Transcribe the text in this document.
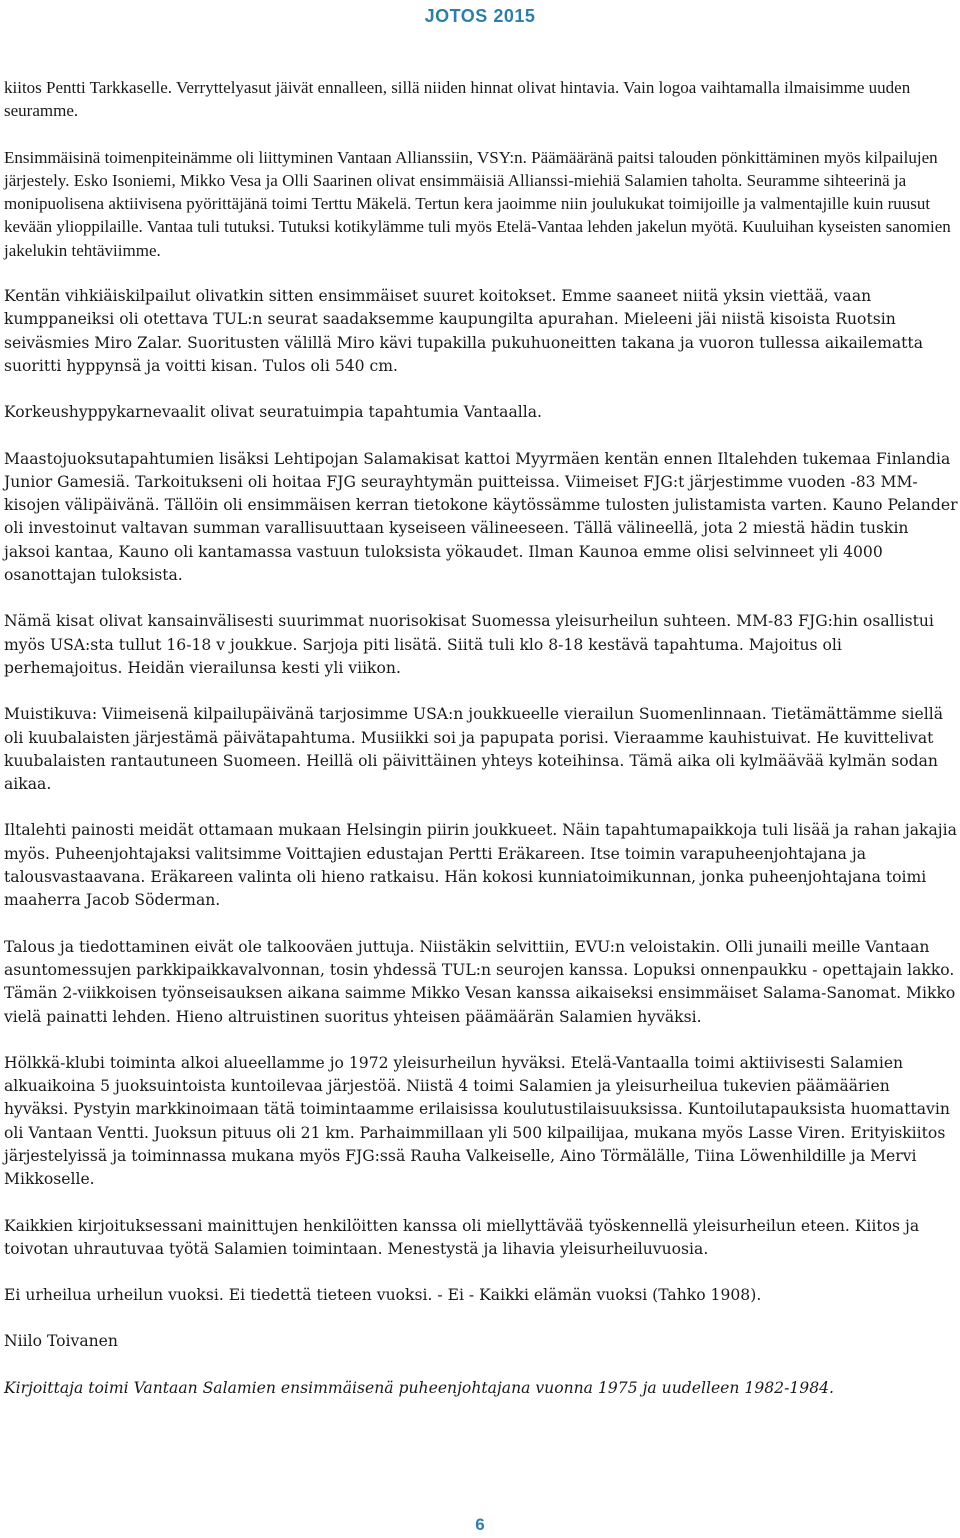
JOTOS 2015

kiitos Pentti Tarkkaselle. Verryttelyasut jäivät ennalleen, sillä niiden hinnat olivat hintavia. Vain logoa vaihtamalla ilmaisimme uuden seuramme.

Ensimmäisinä toimenpiteinämme oli liittyminen Vantaan Allianssiin, VSY:n. Päämääränä paitsi talouden pönkittäminen myös kilpailujen järjestely. Esko Isoniemi, Mikko Vesa ja Olli Saarinen olivat ensimmäisiä Allianssi-miehiä Salamien taholta. Seuramme sihteerinä ja monipuolisena aktiivisena pyörittäjänä toimi Terttu Mäkelä. Tertun kera jaoimme niin joulukukat toimijoille ja valmentajille kuin ruusut kevään ylioppilaille. Vantaa tuli tutuksi. Tutuksi kotikylämme tuli myös Etelä-Vantaa lehden jakelun myötä. Kuuluihan kyseisten sanomien jakelukin tehtäviimme.

Kentän vihkiäiskilpailut olivatkin sitten ensimmäiset suuret koitokset. Emme saaneet niitä yksin viettää, vaan kumppaneiksi oli otettava TUL:n seurat saadaksemme kaupungilta apurahan. Mieleeni jäi niistä kisoista Ruotsin seiväsmies Miro Zalar. Suoritusten välillä Miro kävi tupakilla pukuhuoneitten takana ja vuoron tullessa aikailematta suoritti hyppynsä ja voitti kisan. Tulos oli 540 cm.

Korkeushyppykarnevaalit olivat seuratuimpia tapahtumia Vantaalla.

Maastojuoksutapahtumien lisäksi Lehtipojan Salamakisat kattoi Myyrmäen kentän ennen Iltalehden tukemaa Finlandia Junior Gamesiä. Tarkoitukseni oli hoitaa FJG seurayhtymän puitteissa. Viimeiset FJG:t järjestimme vuoden -83 MM-kisojen välipäivänä. Tällöin oli ensimmäisen kerran tietokone käytössämme tulosten julistamista varten. Kauno Pelander oli investoinut valtavan summan varallisuuttaan kyseiseen välineeseen. Tällä välineellä, jota 2 miestä hädin tuskin jaksoi kantaa, Kauno oli kantamassa vastuun tuloksista yökaudet. Ilman Kaunoa emme olisi selvinneet yli 4000 osanottajan tuloksista.

Nämä kisat olivat kansainvälisesti suurimmat nuorisokisat Suomessa yleisurheilun suhteen. MM-83 FJG:hin osallistui myös USA:sta tullut 16-18 v joukkue. Sarjoja piti lisätä. Siitä tuli klo 8-18 kestävä tapahtuma. Majoitus oli perhemajoitus. Heidän vierailunsa kesti yli viikon.

Muistikuva: Viimeisenä kilpailupäivänä tarjosimme USA:n joukkueelle vierailun Suomenlinnaan. Tietämättämme siellä oli kuubalaisten järjestämä päivätapahtuma. Musiikki soi ja papupata porisi. Vieraamme kauhistuivat. He kuvittelivat kuubalaisten rantautuneen Suomeen. Heillä oli päivittäinen yhteys koteihinsa. Tämä aika oli kylmäävää kylmän sodan aikaa.

Iltalehti painosti meidät ottamaan mukaan Helsingin piirin joukkueet. Näin tapahtumapaikkoja tuli lisää ja rahan jakajia myös. Puheenjohtajaksi valitsimme Voittajien edustajan Pertti Eräkareen. Itse toimin varapuheenjohtajana ja talousvastaavana. Eräkareen valinta oli hieno ratkaisu. Hän kokosi kunniatoimikunnan, jonka puheenjohtajana toimi maaherra Jacob Söderman.

Talous ja tiedottaminen eivät ole talkooväen juttuja. Niistäkin selvittiin, EVU:n veloistakin. Olli junaili meille Vantaan asuntomessujen parkkipaikkavalvonnan, tosin yhdessä TUL:n seurojen kanssa. Lopuksi onnenpaukku - opettajain lakko. Tämän 2-viikkoisen työnseisauksen aikana saimme Mikko Vesan kanssa aikaiseksi ensimmäiset Salama-Sanomat. Mikko vielä painatti lehden. Hieno altruistinen suoritus yhteisen päämäärän Salamien hyväksi.

Hölkkä-klubi toiminta alkoi alueellamme jo 1972 yleisurheilun hyväksi. Etelä-Vantaalla toimi aktiivisesti Salamien alkuaikoina 5 juoksuintoista kuntoilevaa järjestöä. Niistä 4 toimi Salamien ja yleisurheilua tukevien päämäärien hyväksi. Pystyin markkinoimaan tätä toimintaamme erilaisissa koulutustilaisuuksissa. Kuntoilutapauksista huomattavin oli Vantaan Ventti. Juoksun pituus oli 21 km. Parhaimmillaan yli 500 kilpailijaa, mukana myös Lasse Viren. Erityiskiitos järjestelyissä ja toiminnassa mukana myös FJG:ssä Rauha Valkeiselle, Aino Törmälälle, Tiina Löwenhildille ja Mervi Mikkoselle.

Kaikkien kirjoituksessani mainittujen henkilöitten kanssa oli miellyttävää työskennellä yleisurheilun eteen. Kiitos ja toivotan uhrautuvaa työtä Salamien toimintaan. Menestystä ja lihavia yleisurheiluvuosia.

Ei urheilua urheilun vuoksi. Ei tiedettä tieteen vuoksi. - Ei - Kaikki elämän vuoksi (Tahko 1908).

Niilo Toivanen

Kirjoittaja toimi Vantaan Salamien ensimmäisenä puheenjohtajana vuonna 1975 ja uudelleen 1982-1984.

6
